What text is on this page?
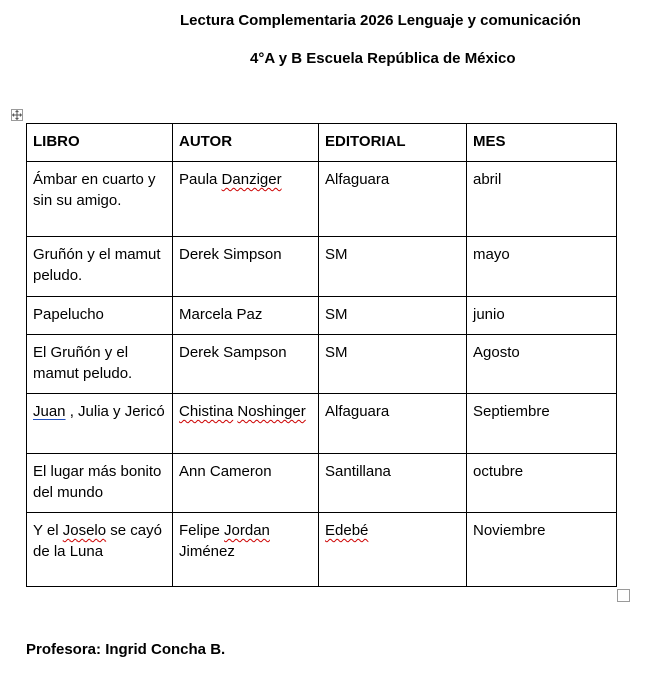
Lectura Complementaria 2026 Lenguaje y comunicación
4°A y B Escuela República de México
LIBRO	AUTOR	EDITORIAL	MES
Ámbar en cuarto y sin su amigo.	Paula Danziger	Alfaguara	abril
Gruñón y el mamut peludo.	Derek Simpson	SM	mayo
Papelucho	Marcela Paz	SM	junio
El Gruñón y el mamut peludo.	Derek Sampson	SM	Agosto
Juan , Julia y Jericó	Chistina Noshinger	Alfaguara	Septiembre
El lugar más bonito del mundo	Ann Cameron	Santillana	octubre
Y el Joselo se cayó de la Luna	Felipe Jordan Jiménez	Edebé	Noviembre
Profesora: Ingrid Concha B.
